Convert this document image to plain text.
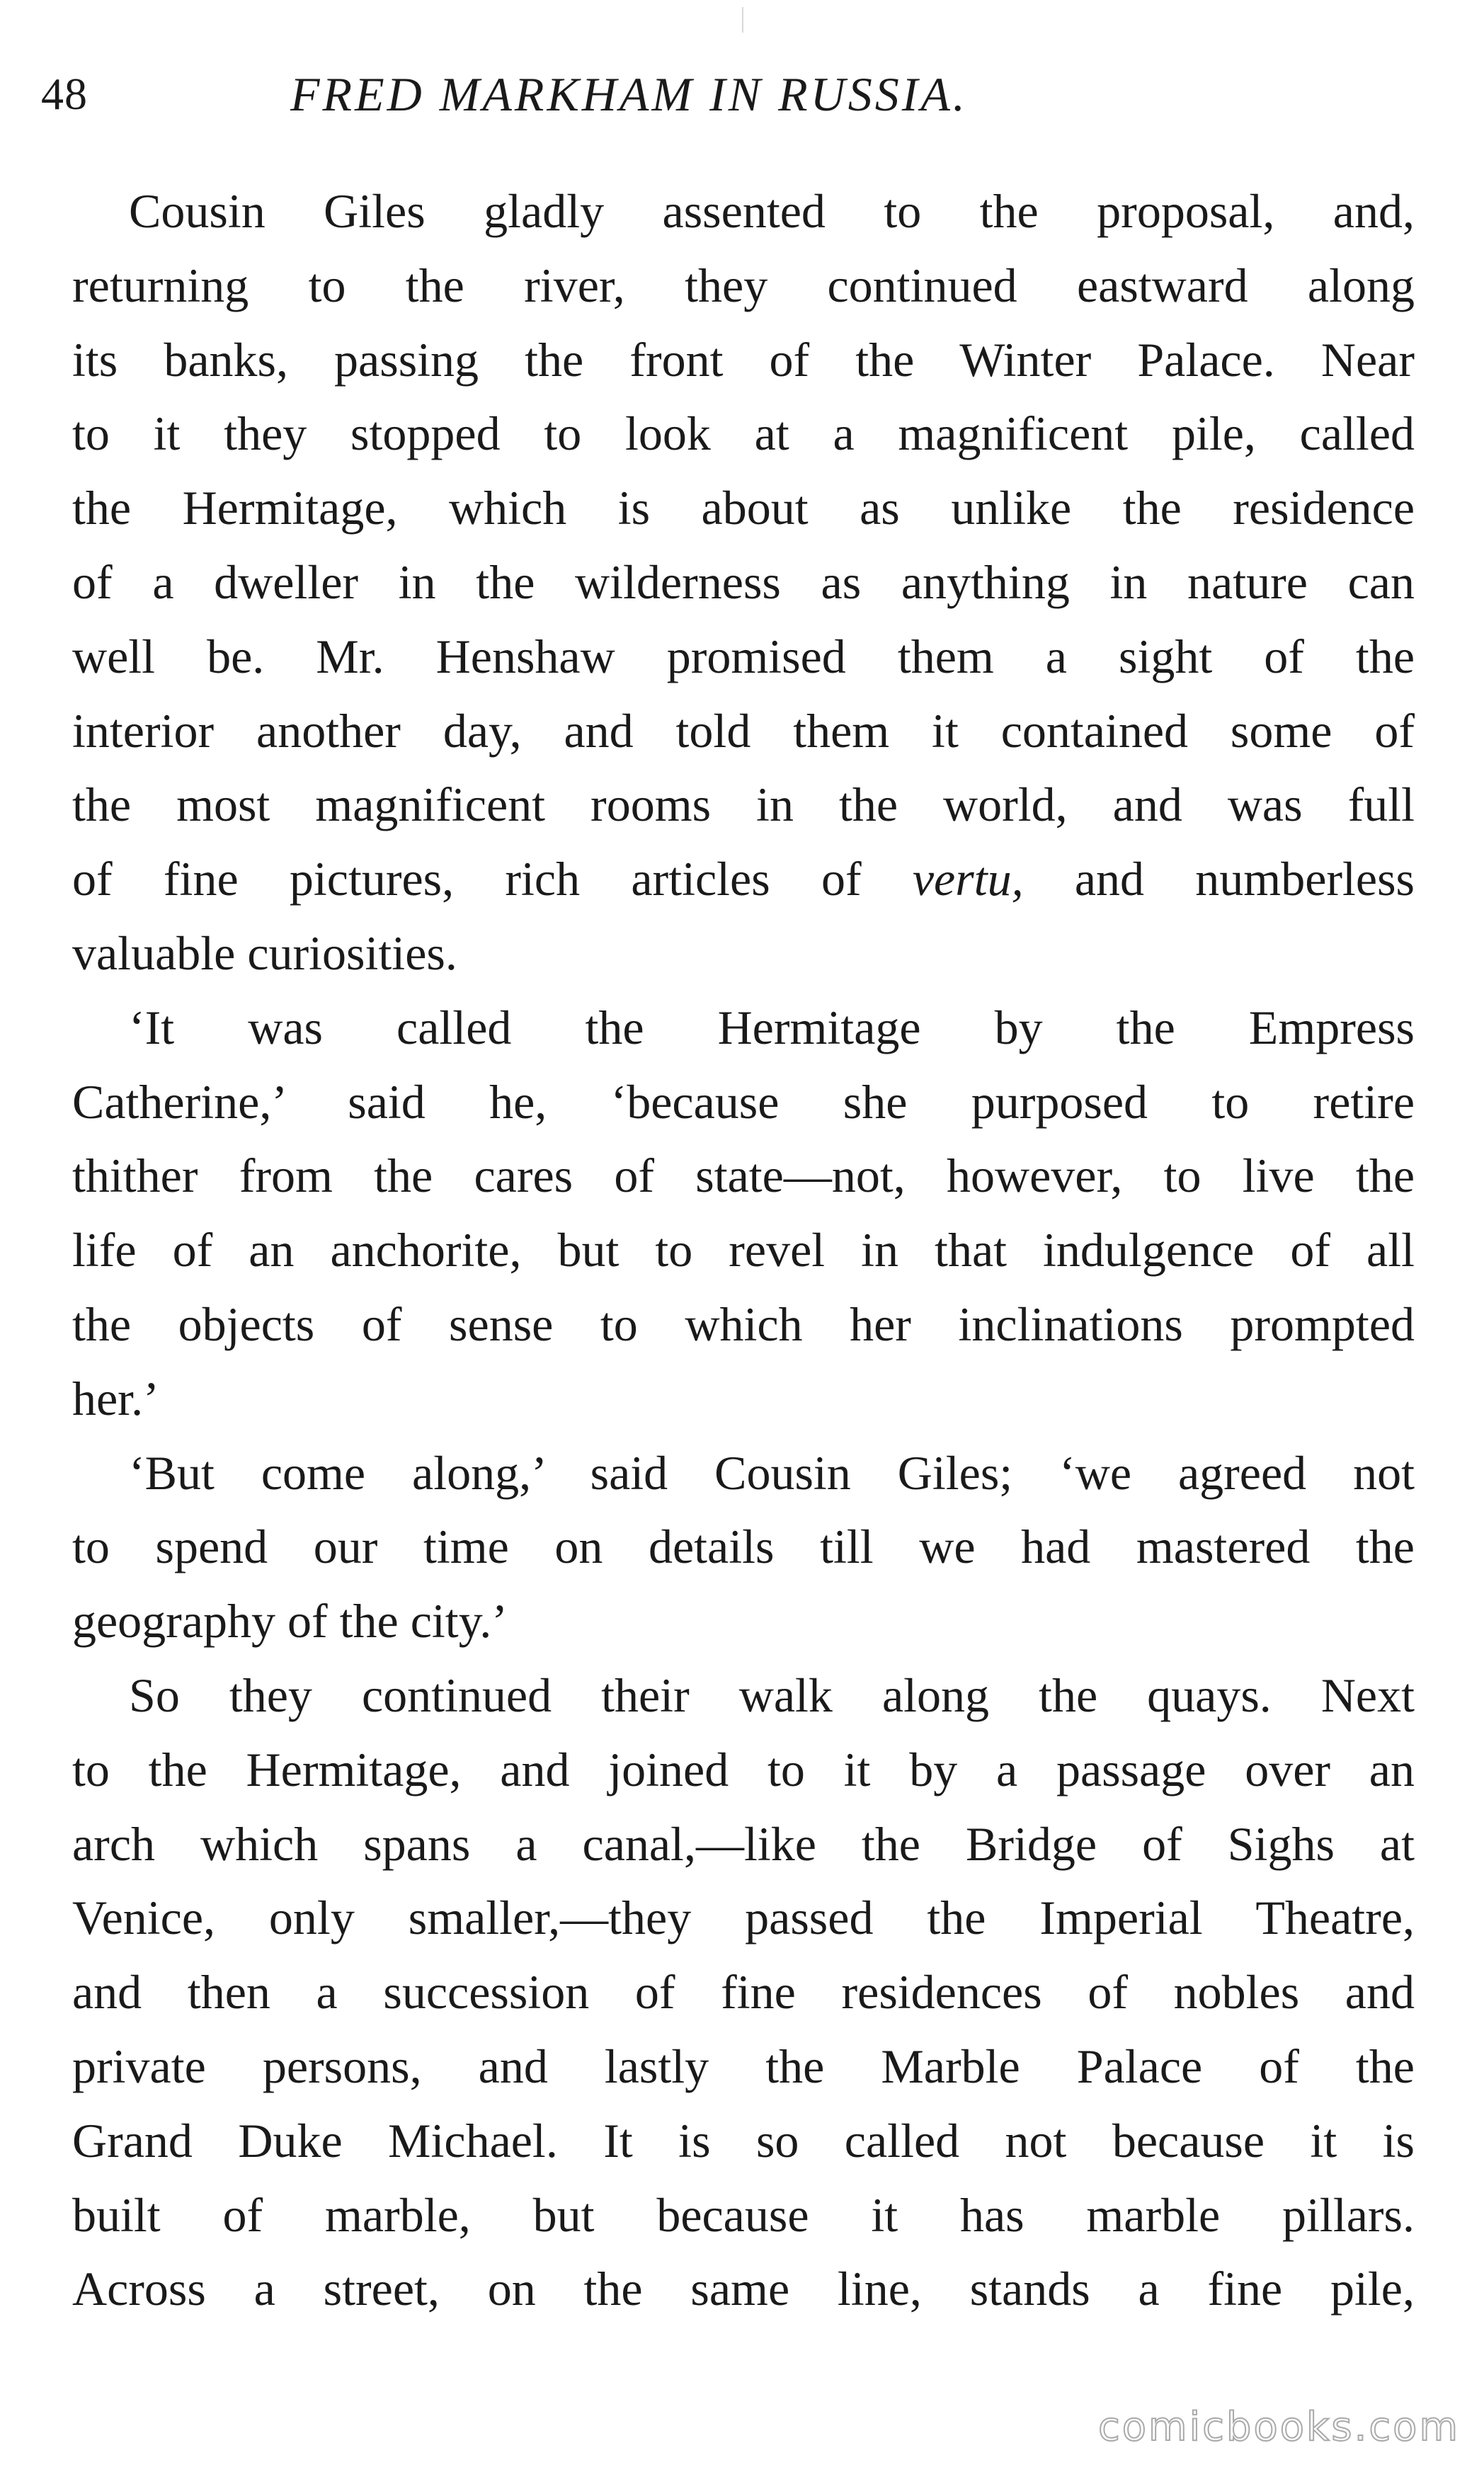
48	FRED MARKHAM IN RUSSIA.
Cousin Giles gladly assented to the proposal, and,
returning to the river, they continued eastward along
its banks, passing the front of the Winter Palace. Near
to it they stopped to look at a magnificent pile, called
the Hermitage, which is about as unlike the residence
of a dweller in the wilderness as anything in nature can
well be. Mr. Henshaw promised them a sight of the
interior another day, and told them it contained some of
the most magnificent rooms in the world, and was full
of fine pictures, rich articles of vertu, and numberless
valuable curiosities.
‘It was called the Hermitage by the Empress
Catherine,’ said he, ‘because she purposed to retire
thither from the cares of state—not, however, to live the
life of an anchorite, but to revel in that indulgence of all
the objects of sense to which her inclinations prompted
her.’
‘But come along,’ said Cousin Giles; ‘we agreed not
to spend our time on details till we had mastered the
geography of the city.’
So they continued their walk along the quays. Next
to the Hermitage, and joined to it by a passage over an
arch which spans a canal,—like the Bridge of Sighs at
Venice, only smaller,—they passed the Imperial Theatre,
and then a succession of fine residences of nobles and
private persons, and lastly the Marble Palace of the
Grand Duke Michael. It is so called not because it is
built of marble, but because it has marble pillars.
Across a street, on the same line, stands a fine pile,
comicbooks.com
